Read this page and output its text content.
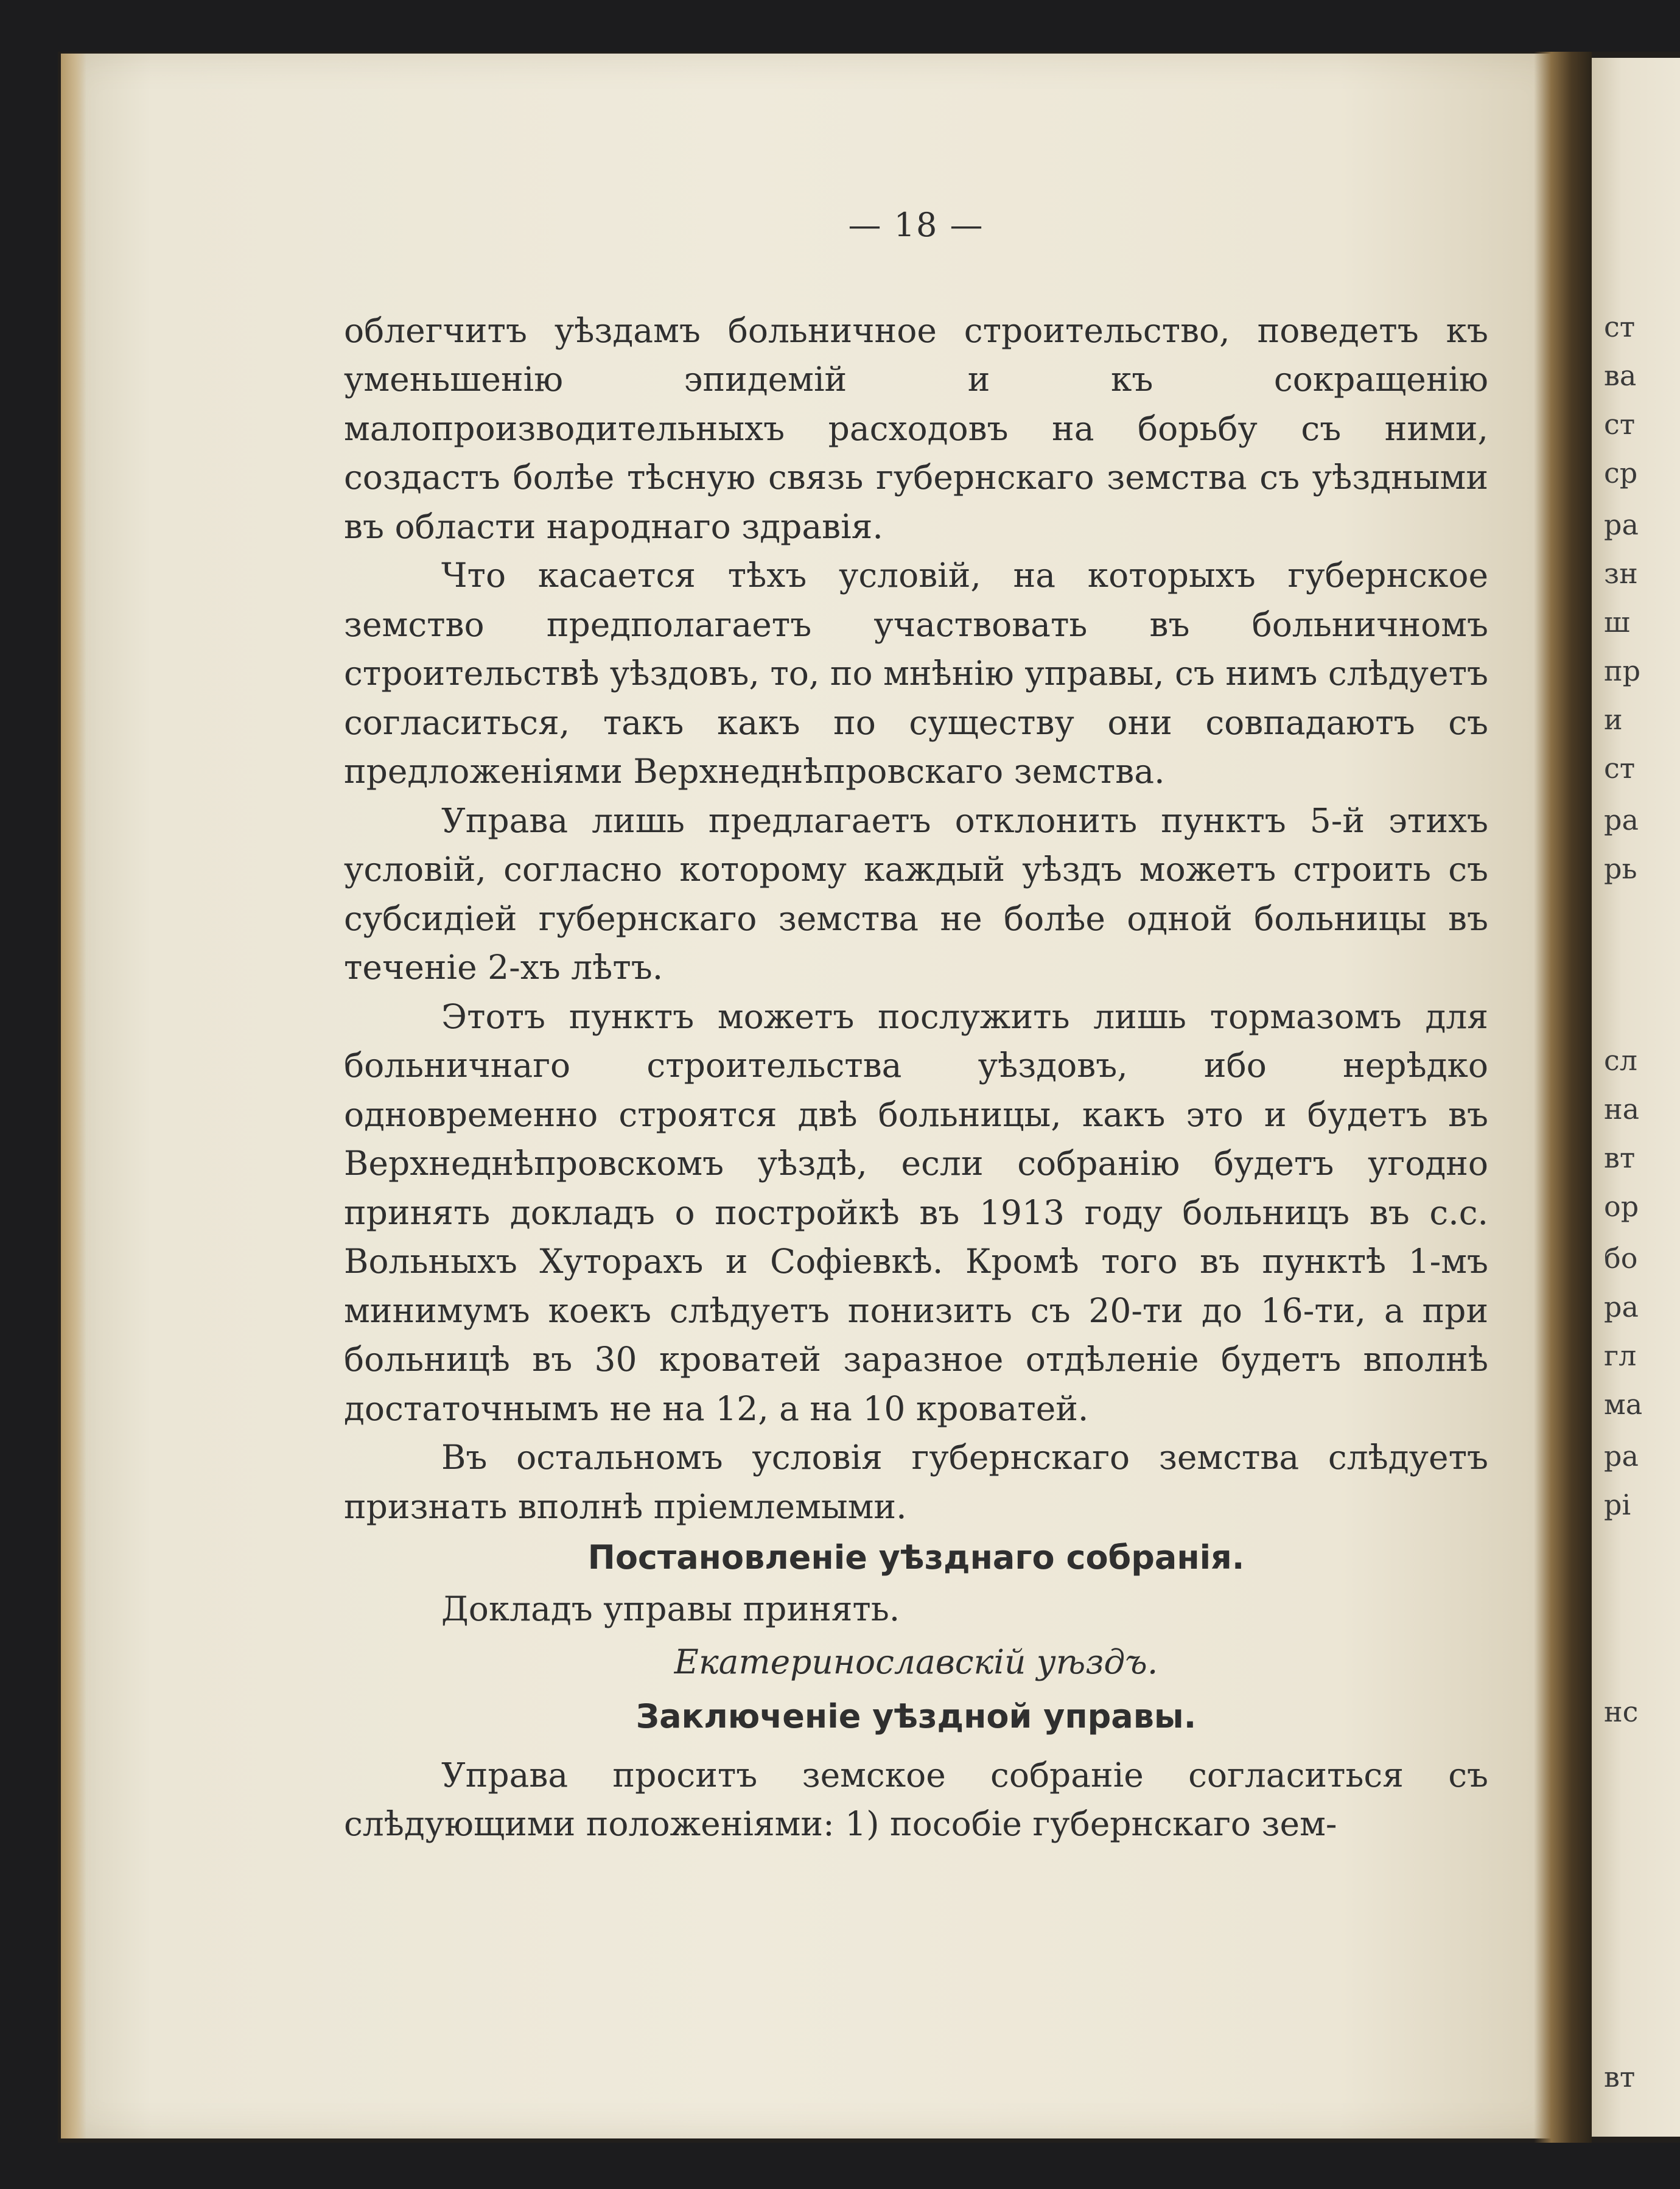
ст
ва
ст
ср
ра
зн
ш
пр
и
ст
ра
рь
сл
на
вт
ор
бо
ра
гл
ма
ра
рі
нс
вт

— 18 —

облегчитъ уѣздамъ больничное строительство, поведетъ къ уменьшенію эпидемій и къ сокращенію малопроизводительныхъ расходовъ на борьбу съ ними, создастъ болѣе тѣсную связь губернскаго земства съ уѣздными въ области народнаго здравія.

Что касается тѣхъ условій, на которыхъ губернское земство предполагаетъ участвовать въ больничномъ строительствѣ уѣздовъ, то, по мнѣнію управы, съ нимъ слѣдуетъ согласиться, такъ какъ по существу они совпадаютъ съ предложеніями Верхнеднѣпровскаго земства.

Управа лишь предлагаетъ отклонить пунктъ 5-й этихъ условій, согласно которому каждый уѣздъ можетъ строить съ субсидіей губернскаго земства не болѣе одной больницы въ теченіе 2-хъ лѣтъ.

Этотъ пунктъ можетъ послужить лишь тормазомъ для больничнаго строительства уѣздовъ, ибо нерѣдко одновременно строятся двѣ больницы, какъ это и будетъ въ Верхнеднѣпровскомъ уѣздѣ, если собранію будетъ угодно принять докладъ о постройкѣ въ 1913 году больницъ въ с.с. Вольныхъ Хуторахъ и Софіевкѣ. Кромѣ того въ пунктѣ 1-мъ минимумъ коекъ слѣдуетъ понизить съ 20-ти до 16-ти, а при больницѣ въ 30 кроватей заразное отдѣленіе будетъ вполнѣ достаточнымъ не на 12, а на 10 кроватей.

Въ остальномъ условія губернскаго земства слѣдуетъ признать вполнѣ пріемлемыми.

Постановленіе уѣзднаго собранія.

Докладъ управы принять.

Екатеринославскій уѣздъ.

Заключеніе уѣздной управы.

Управа проситъ земское собраніе согласиться съ слѣдующими положеніями: 1) пособіе губернскаго зем-
